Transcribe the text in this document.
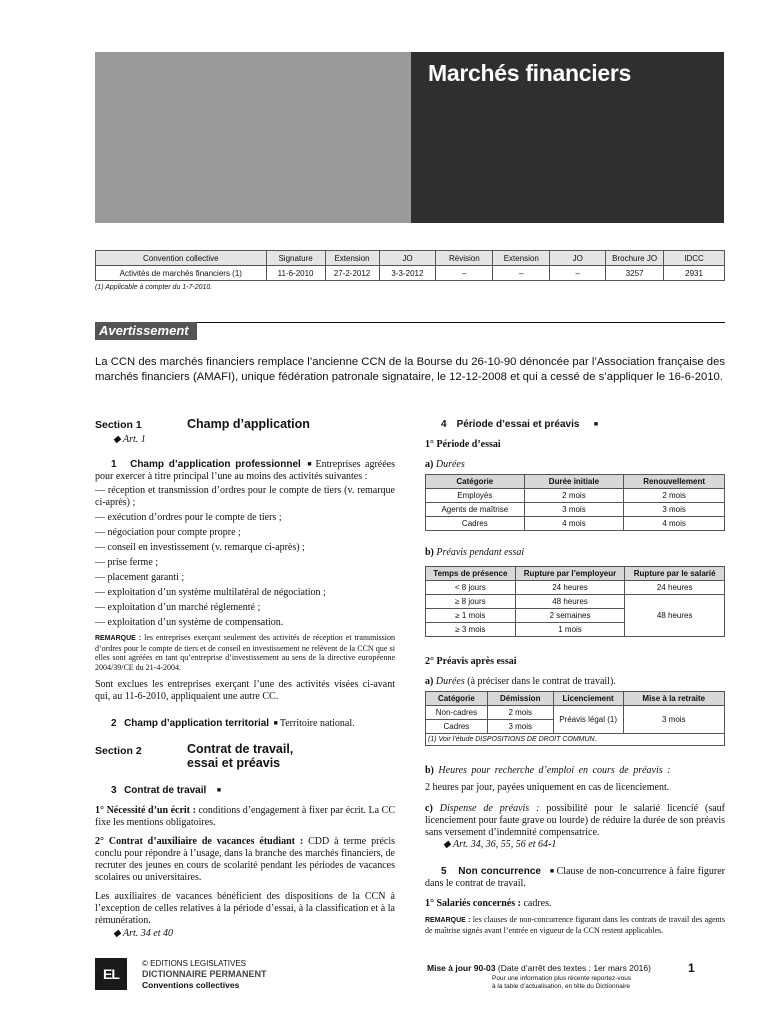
Marchés financiers
Convention collective	Signature	Extension	JO	Révision	Extension	JO	Brochure JO	IDCC
Activités de marchés financiers (1)	11-6-2010	27-2-2012	3-3-2012	–	–	–	3257	2931
(1) Applicable à compter du 1-7-2010.
Avertissement
La CCN des marchés financiers remplace l’ancienne CCN de la Bourse du 26-10-90 dénoncée par l’Association française des marchés financiers (AMAFI), unique fédération patronale signataire, le 12-12-2008 et qui a cessé de s’appliquer le 16-6-2010.
Section 1	Champ d’application
◆ Art. 1
1 Champ d’application professionnel ■ Entreprises agréées pour exercer à titre principal l’une au moins des activités suivantes :
— réception et transmission d’ordres pour le compte de tiers (v. remarque ci-après) ;
— exécution d’ordres pour le compte de tiers ;
— négociation pour compte propre ;
— conseil en investissement (v. remarque ci-après) ;
— prise ferme ;
— placement garanti ;
— exploitation d’un système multilatéral de négociation ;
— exploitation d’un marché réglementé ;
— exploitation d’un système de compensation.
REMARQUE : les entreprises exerçant seulement des activités de réception et transmission d’ordres pour le compte de tiers et de conseil en investissement ne relèvent de la CCN que si elles sont agréées en tant qu’entreprise d’investissement au sens de la directive européenne 2004/39/CE du 21-4-2004.
Sont exclues les entreprises exerçant l’une des activités visées ci-avant qui, au 11-6-2010, appliquaient une autre CC.
2 Champ d’application territorial ■ Territoire national.
Section 2	Contrat de travail,
essai et préavis
3 Contrat de travail ■
1° Nécessité d’un écrit : conditions d’engagement à fixer par écrit. La CC fixe les mentions obligatoires.
2° Contrat d’auxiliaire de vacances étudiant : CDD à terme précis conclu pour répondre à l’usage, dans la branche des marchés financiers, de recruter des jeunes en cours de scolarité pendant les périodes de vacances scolaires ou universitaires.
Les auxiliaires de vacances bénéficient des dispositions de la CCN à l’exception de celles relatives à la période d’essai, à la classification et à la rémunération.
◆ Art. 34 et 40
4 Période d’essai et préavis ■
1° Période d’essai
a) Durées
Catégorie	Durée initiale	Renouvellement
Employés	2 mois	2 mois
Agents de maîtrise	3 mois	3 mois
Cadres	4 mois	4 mois
b) Préavis pendant essai
Temps de présence	Rupture par l’employeur	Rupture par le salarié
< 8 jours	24 heures	24 heures
≥ 8 jours	48 heures	48 heures
≥ 1 mois	2 semaines	
≥ 3 mois	1 mois	
2° Préavis après essai
a) Durées (à préciser dans le contrat de travail).
Catégorie	Démission	Licenciement	Mise à la retraite
Non-cadres	2 mois	Préavis légal (1)	3 mois
Cadres	3 mois		
(1) Voir l’étude DISPOSITIONS DE DROIT COMMUN.			
b) Heures pour recherche d’emploi en cours de préavis :
2 heures par jour, payées uniquement en cas de licenciement.
c) Dispense de préavis : possibilité pour le salarié licencié (sauf licenciement pour faute grave ou lourde) de réduire la durée de son préavis sans versement d’indemnité compensatrice.
◆ Art. 34, 36, 55, 56 et 64-1
5 Non concurrence ■ Clause de non-concurrence à faire figurer dans le contrat de travail.
1° Salariés concernés : cadres.
REMARQUE : les clauses de non-concurrence figurant dans les contrats de travail des agents de maîtrise signés avant l’entrée en vigueur de la CCN restent applicables.
EL
© EDITIONS LEGISLATIVES
DICTIONNAIRE PERMANENT
Conventions collectives
Mise à jour 90-03 (Date d’arrêt des textes : 1er mars 2016)
Pour une information plus récente reportez-vous
à la table d’actualisation, en tête du Dictionnaire
1
